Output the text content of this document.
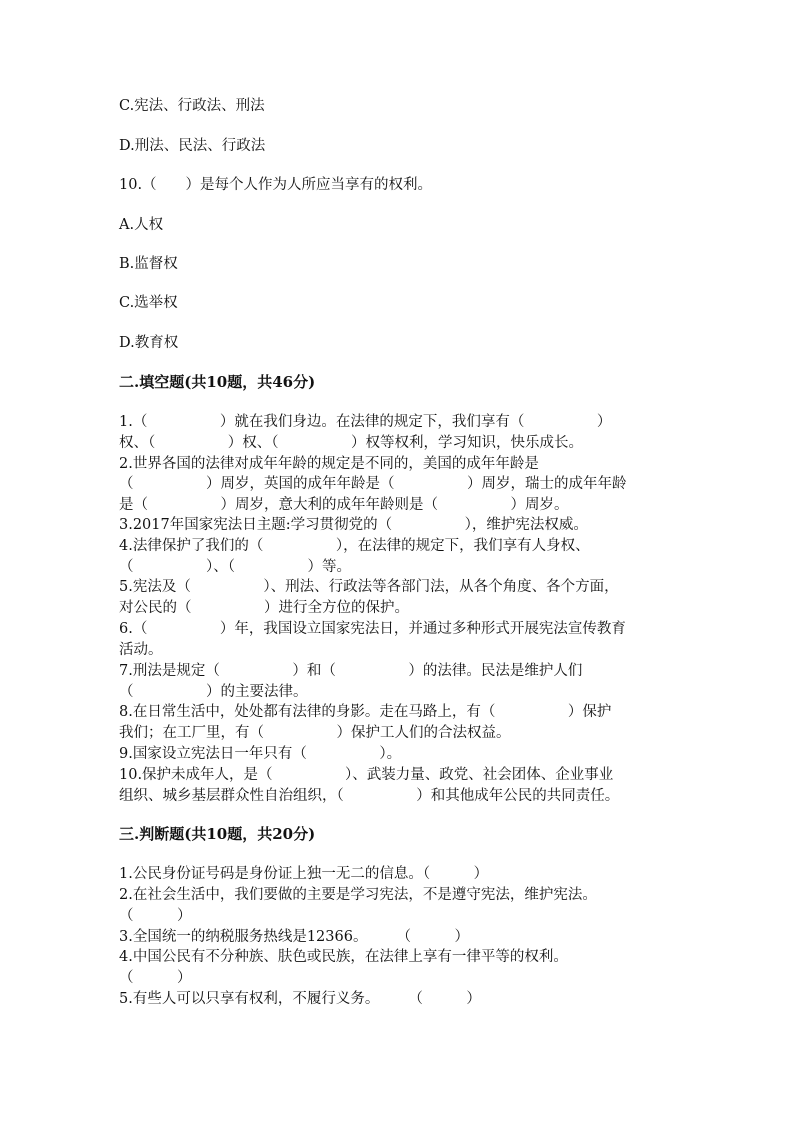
C.宪法、行政法、刑法
D.刑法、民法、行政法
10.（　　）是每个人作为人所应当享有的权利。
A.人权
B.监督权
C.选举权
D.教育权
二.填空题(共10题，共46分)
1.（　　　　　）就在我们身边。在法律的规定下，我们享有（　　　　　）
权、（　　　　　）权、（　　　　　）权等权利，学习知识，快乐成长。
2.世界各国的法律对成年年龄的规定是不同的，美国的成年年龄是
（　　　　　）周岁，英国的成年年龄是（　　　　　）周岁，瑞士的成年年龄
是（　　　　　）周岁，意大利的成年年龄则是（　　　　　）周岁。
3.2017年国家宪法日主题:学习贯彻党的（　　　　　），维护宪法权威。
4.法律保护了我们的（　　　　　），在法律的规定下，我们享有人身权、
（　　　　　）、（　　　　　）等。
5.宪法及（　　　　　）、刑法、行政法等各部门法，从各个角度、各个方面，
对公民的（　　　　　）进行全方位的保护。
6.（　　　　　）年，我国设立国家宪法日，并通过多种形式开展宪法宣传教育
活动。
7.刑法是规定（　　　　　）和（　　　　　）的法律。民法是维护人们
（　　　　　）的主要法律。
8.在日常生活中，处处都有法律的身影。走在马路上，有（　　　　　）保护
我们；在工厂里，有（　　　　　）保护工人们的合法权益。
9.国家设立宪法日一年只有（　　　　　）。
10.保护未成年人，是（　　　　　）、武装力量、政党、社会团体、企业事业
组织、城乡基层群众性自治组织，（　　　　　）和其他成年公民的共同责任。
三.判断题(共10题，共20分)
1.公民身份证号码是身份证上独一无二的信息。（　　　）
2.在社会生活中，我们要做的主要是学习宪法，不是遵守宪法，维护宪法。
（　　　）
3.全国统一的纳税服务热线是12366。　　　（　　　）
4.中国公民有不分种族、肤色或民族，在法律上享有一律平等的权利。
（　　　）
5.有些人可以只享有权利，不履行义务。　　　（　　　）
